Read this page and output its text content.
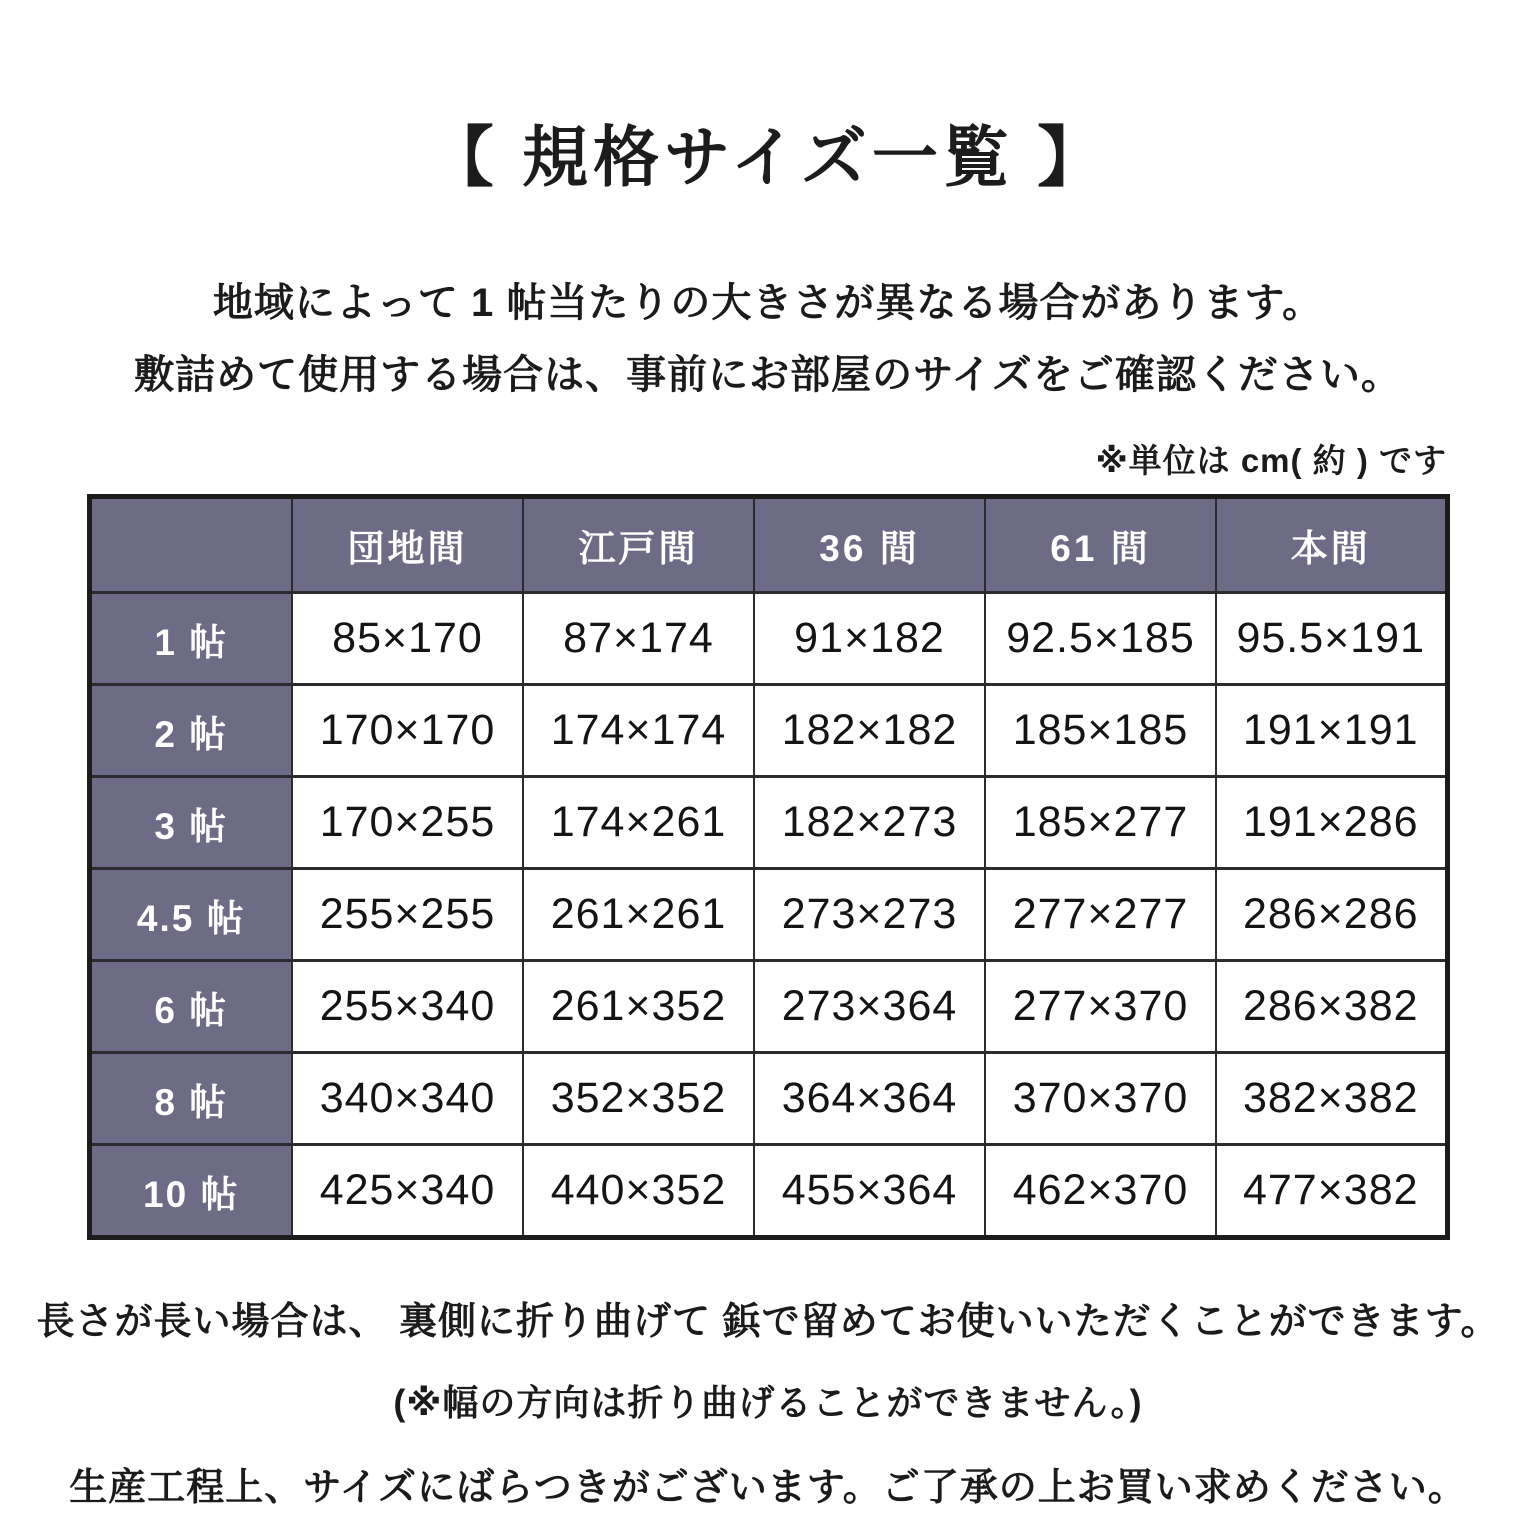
【 規格サイズ一覧 】

地域によって 1 帖当たりの大きさが異なる場合があります。

敷詰めて使用する場合は、事前にお部屋のサイズをご確認ください。

※単位は cm( 約 ) です
	団地間	江戸間	36 間	61 間	本間
1 帖	85×170	87×174	91×182	92.5×185	95.5×191
2 帖	170×170	174×174	182×182	185×185	191×191
3 帖	170×255	174×261	182×273	185×277	191×286
4.5 帖	255×255	261×261	273×273	277×277	286×286
6 帖	255×340	261×352	273×364	277×370	286×382
8 帖	340×340	352×352	364×364	370×370	382×382
10 帖	425×340	440×352	455×364	462×370	477×382

長さが長い場合は、 裏側に折り曲げて 鋲で留めてお使いいただくことができます。

(※幅の方向は折り曲げることができません。)

生産工程上、サイズにばらつきがございます。ご了承の上お買い求めください。
